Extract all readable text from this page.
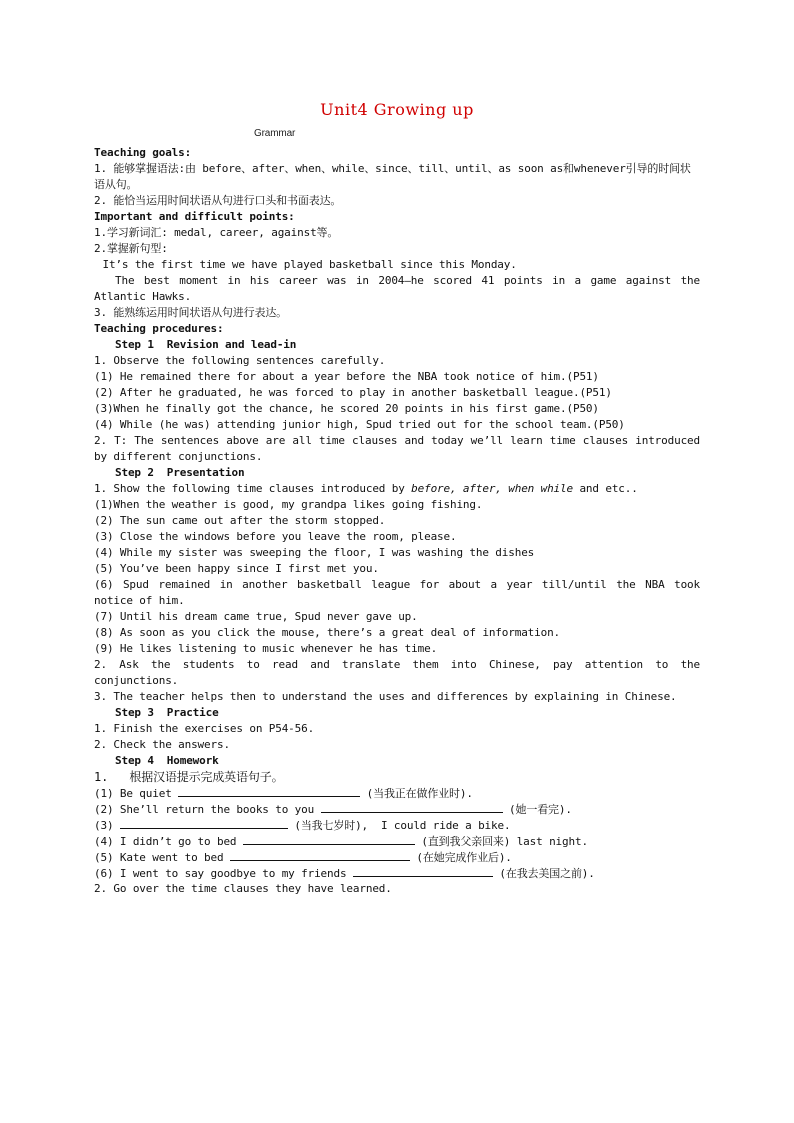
Unit4 Growing up
Grammar
Teaching goals:
1. 能够掌握语法:由 before、after、when、while、since、till、until、as soon as和whenever引导的时间状语从句。
2. 能恰当运用时间状语从句进行口头和书面表达。
Important and difficult points:
1.学习新词汇: medal, career, against等。
2.掌握新句型:
It’s the first time we have played basketball since this Monday.
The best moment in his career was in 2004—he scored 41 points in a game against the Atlantic Hawks.
3. 能熟练运用时间状语从句进行表达。
Teaching procedures:
Step 1  Revision and lead-in
1. Observe the following sentences carefully.
(1) He remained there for about a year before the NBA took notice of him.(P51)
(2) After he graduated, he was forced to play in another basketball league.(P51)
(3)When he finally got the chance, he scored 20 points in his first game.(P50)
(4) While (he was) attending junior high, Spud tried out for the school team.(P50)
2. T: The sentences above are all time clauses and today we’ll learn time clauses introduced by different conjunctions.
Step 2  Presentation
1. Show the following time clauses introduced by before, after, when while and etc..
(1)When the weather is good, my grandpa likes going fishing.
(2) The sun came out after the storm stopped.
(3) Close the windows before you leave the room, please.
(4) While my sister was sweeping the floor, I was washing the dishes
(5) You’ve been happy since I first met you.
(6) Spud remained in another basketball league for about a year till/until the NBA took notice of him.
(7) Until his dream came true, Spud never gave up.
(8) As soon as you click the mouse, there’s a great deal of information.
(9) He likes listening to music whenever he has time.
2. Ask the students to read and translate them into Chinese, pay attention to the conjunctions.
3. The teacher helps then to understand the uses and differences by explaining in Chinese.
Step 3  Practice
1. Finish the exercises on P54-56.
2. Check the answers.
Step 4  Homework
1.   根据汉语提示完成英语句子。
(1) Be quiet	(当我正在做作业时).
(2) She’ll return the books to you	(她一看完).
(3)	(当我七岁时),  I could ride a bike.
(4) I didn’t go to bed	(直到我父亲回来) last night.
(5) Kate went to bed	(在她完成作业后).
(6) I went to say goodbye to my friends	(在我去美国之前).
2. Go over the time clauses they have learned.
